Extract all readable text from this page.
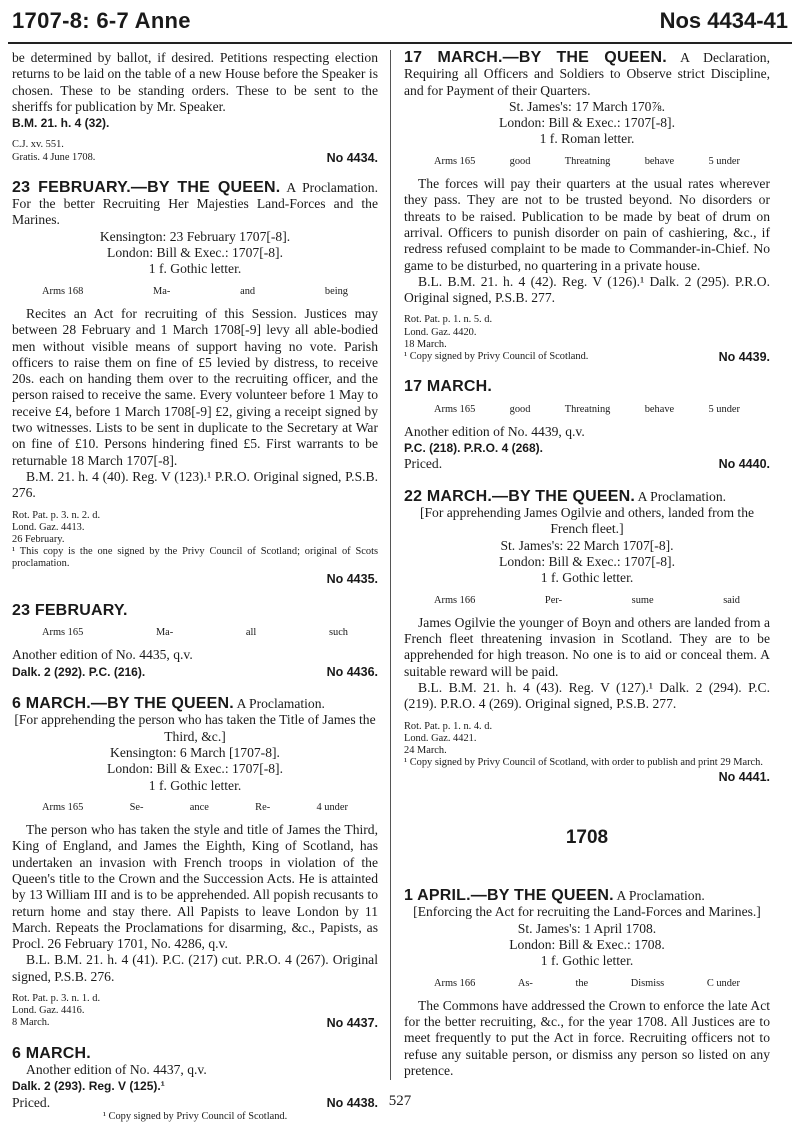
1707-8: 6-7 Anne	Nos 4434-41

be determined by ballot, if desired. Petitions respecting election returns to be laid on the table of a new House before the Speaker is chosen. These to be standing orders. These to be sent to the sheriffs for publication by Mr. Speaker.

B.M. 21. h. 4 (32).

C.J. xv. 551.

Gratis. 4 June 1708.	No 4434.

23 FEBRUARY.—BY THE QUEEN. A Proclamation. For the better Recruiting Her Majesties Land-Forces and the Marines.

Kensington: 23 February 1707[-8].

London: Bill & Exec.: 1707[-8].

1 f. Gothic letter.

Arms 168	Ma-	and	being

Recites an Act for recruiting of this Session. Justices may between 28 February and 1 March 1708[-9] levy all able-bodied men without visible means of support having no vote. Parish officers to raise them on fine of £5 levied by distress, to receive 20s. each on handing them over to the recruiting officer, and the person raised to receive the same. Every volunteer before 1 May to receive £4, before 1 March 1708[-9] £2, giving a receipt signed by two witnesses. Lists to be sent in duplicate to the Secretary at War on fine of £10. Persons hindering fined £5. First warrants to be returnable 18 March 1707[-8].

B.M. 21. h. 4 (40). Reg. V (123).¹ P.R.O. Original signed, P.S.B. 276.

Rot. Pat. p. 3. n. 2. d.

Lond. Gaz. 4413.

26 February.

¹ This copy is the one signed by the Privy Council of Scotland; original of Scots proclamation.

No 4435.

23 FEBRUARY.

Arms 165	Ma-	all	such

Another edition of No. 4435, q.v.

Dalk. 2 (292). P.C. (216).	No 4436.

6 MARCH.—BY THE QUEEN. A Proclamation.

[For apprehending the person who has taken the Title of James the Third, &c.]

Kensington: 6 March [1707-8].

London: Bill & Exec.: 1707[-8].

1 f. Gothic letter.

Arms 165	Se-	ance	Re-	4 under

The person who has taken the style and title of James the Third, King of England, and James the Eighth, King of Scotland, has undertaken an invasion with French troops in violation of the Queen's title to the Crown and the Succession Acts. He is attainted by 13 William III and is to be apprehended. All popish recusants to return home and stay there. All Papists to leave London by 11 March. Repeats the Proclamations for disarming, &c., Papists, as Procl. 26 February 1701, No. 4286, q.v.

B.L. B.M. 21. h. 4 (41). P.C. (217) cut. P.R.O. 4 (267). Original signed, P.S.B. 276.

Rot. Pat. p. 3. n. 1. d.

Lond. Gaz. 4416.

8 March.	No 4437.

6 MARCH.

Another edition of No. 4437, q.v.

Dalk. 2 (293). Reg. V (125).¹

Priced.	No 4438.

¹ Copy signed by Privy Council of Scotland.

17 MARCH.—BY THE QUEEN. A Declaration, Requiring all Officers and Soldiers to Observe strict Discipline, and for Payment of their Quarters.

St. James's: 17 March 170⅞.

London: Bill & Exec.: 1707[-8].

1 f. Roman letter.

Arms 165	good	Threatning	behave	5 under

The forces will pay their quarters at the usual rates wherever they pass. They are not to be trusted beyond. No disorders or threats to be raised. Publication to be made by beat of drum on arrival. Officers to punish disorder on pain of cashiering, &c., if redress refused complaint to be made to Commander-in-Chief. No game to be disturbed, no quartering in a private house.

B.L. B.M. 21. h. 4 (42). Reg. V (126).¹ Dalk. 2 (295). P.R.O. Original signed, P.S.B. 277.

Rot. Pat. p. 1. n. 5. d.

Lond. Gaz. 4420.

18 March.

¹ Copy signed by Privy Council of Scotland.	No 4439.

17 MARCH.

Arms 165	good	Threatning	behave	5 under

Another edition of No. 4439, q.v.

P.C. (218). P.R.O. 4 (268).

Priced.	No 4440.

22 MARCH.—BY THE QUEEN. A Proclamation.

[For apprehending James Ogilvie and others, landed from the French fleet.]

St. James's: 22 March 1707[-8].

London: Bill & Exec.: 1707[-8].

1 f. Gothic letter.

Arms 166	Per-	sume	said

James Ogilvie the younger of Boyn and others are landed from a French fleet threatening invasion in Scotland. They are to be apprehended for high treason. No one is to aid or conceal them. A suitable reward will be paid.

B.L. B.M. 21. h. 4 (43). Reg. V (127).¹ Dalk. 2 (294). P.C. (219). P.R.O. 4 (269). Original signed, P.S.B. 277.

Rot. Pat. p. 1. n. 4. d.

Lond. Gaz. 4421.

24 March.

¹ Copy signed by Privy Council of Scotland, with order to publish and print 29 March.

No 4441.

1708

1 APRIL.—BY THE QUEEN. A Proclamation.

[Enforcing the Act for recruiting the Land-Forces and Marines.]

St. James's: 1 April 1708.

London: Bill & Exec.: 1708.

1 f. Gothic letter.

Arms 166	As-	the	Dismiss	C under

The Commons have addressed the Crown to enforce the late Act for the better recruiting, &c., for the year 1708. All Justices are to meet frequently to put the Act in force. Recruiting officers not to refuse any suitable person, or dismiss any person so listed on any pretence.

527
